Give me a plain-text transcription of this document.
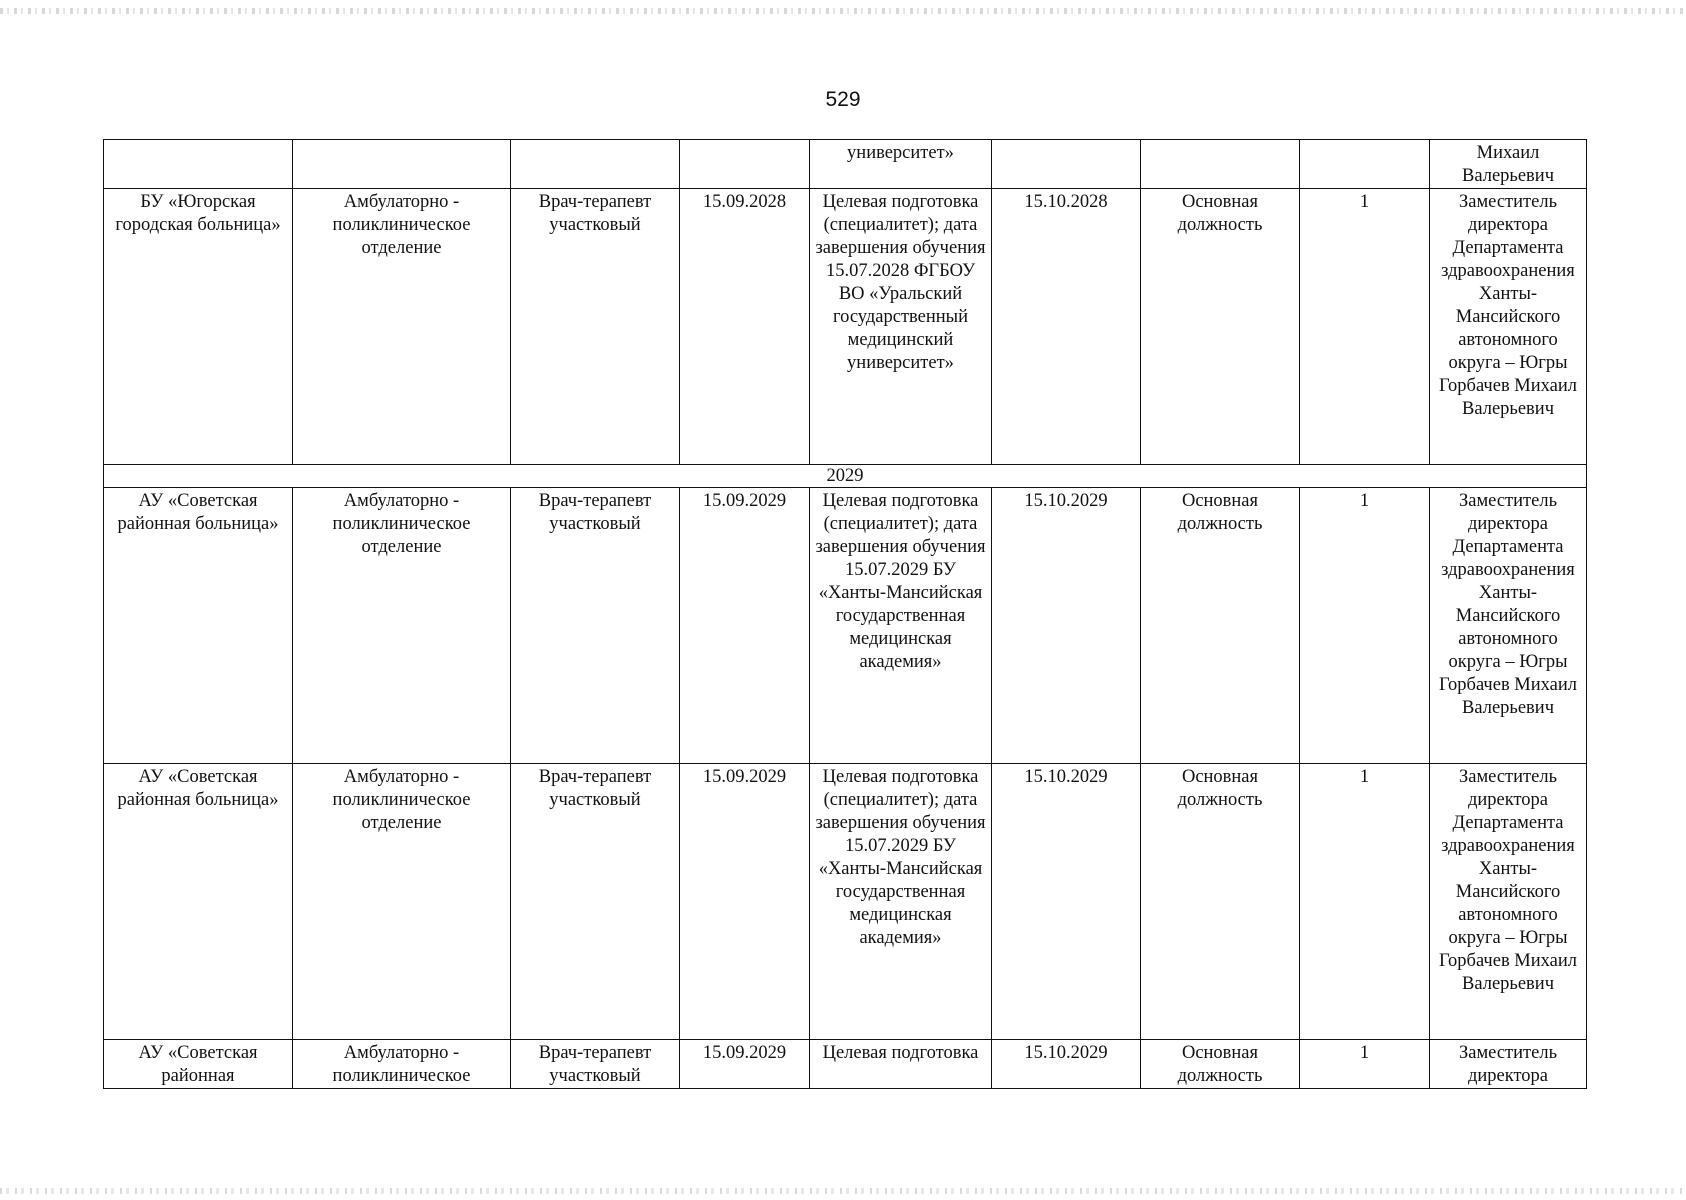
529

				университет»				Михаил Валерьевич

БУ «Югорская городская больница»	Амбулаторно - поликлиническое отделение	Врач-терапевт участковый	15.09.2028	Целевая подготовка (специалитет); дата завершения обучения 15.07.2028 ФГБОУ ВО «Уральский государственный медицинский университет»	15.10.2028	Основная должность	1	Заместитель директора Департамента здравоохранения Ханты-Мансийского автономного округа – Югры Горбачев Михаил Валерьевич
2029								
АУ «Советская районная больница»	Амбулаторно - поликлиническое отделение	Врач-терапевт участковый	15.09.2029	Целевая подготовка (специалитет); дата завершения обучения 15.07.2029 БУ «Ханты-Мансийская государственная медицинская академия»	15.10.2029	Основная должность	1	Заместитель директора Департамента здравоохранения Ханты-Мансийского автономного округа – Югры Горбачев Михаил Валерьевич
АУ «Советская районная больница»	Амбулаторно - поликлиническое отделение	Врач-терапевт участковый	15.09.2029	Целевая подготовка (специалитет); дата завершения обучения 15.07.2029 БУ «Ханты-Мансийская государственная медицинская академия»	15.10.2029	Основная должность	1	Заместитель директора Департамента здравоохранения Ханты-Мансийского автономного округа – Югры Горбачев Михаил Валерьевич
АУ «Советская районная	Амбулаторно - поликлиническое	Врач-терапевт участковый	15.09.2029	Целевая подготовка	15.10.2029	Основная должность	1	Заместитель директора
